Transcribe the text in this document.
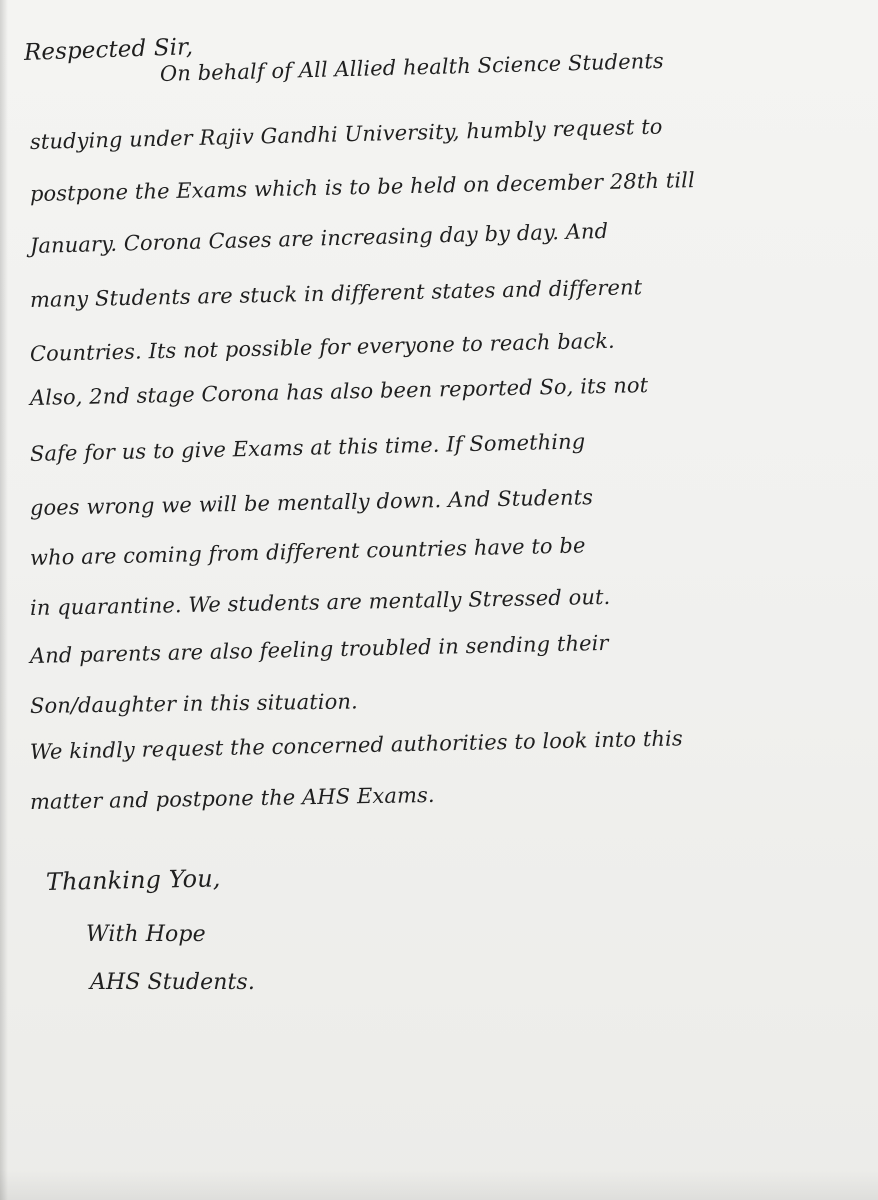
Respected Sir,
On behalf of All Allied health Science Students
studying under Rajiv Gandhi University, humbly request to
postpone the Exams which is to be held on december 28th till
January. Corona Cases are increasing day by day. And
many Students are stuck in different states and different
Countries. Its not possible for everyone to reach back.
Also, 2nd stage Corona has also been reported So, its not
Safe for us to give Exams at this time. If Something
goes wrong we will be mentally down. And Students
who are coming from different countries have to be
in quarantine. We students are mentally Stressed out.
And parents are also feeling troubled in sending their
Son/daughter in this situation.
We kindly request the concerned authorities to look into this
matter and postpone the AHS Exams.
Thanking You,
With Hope
AHS Students.
